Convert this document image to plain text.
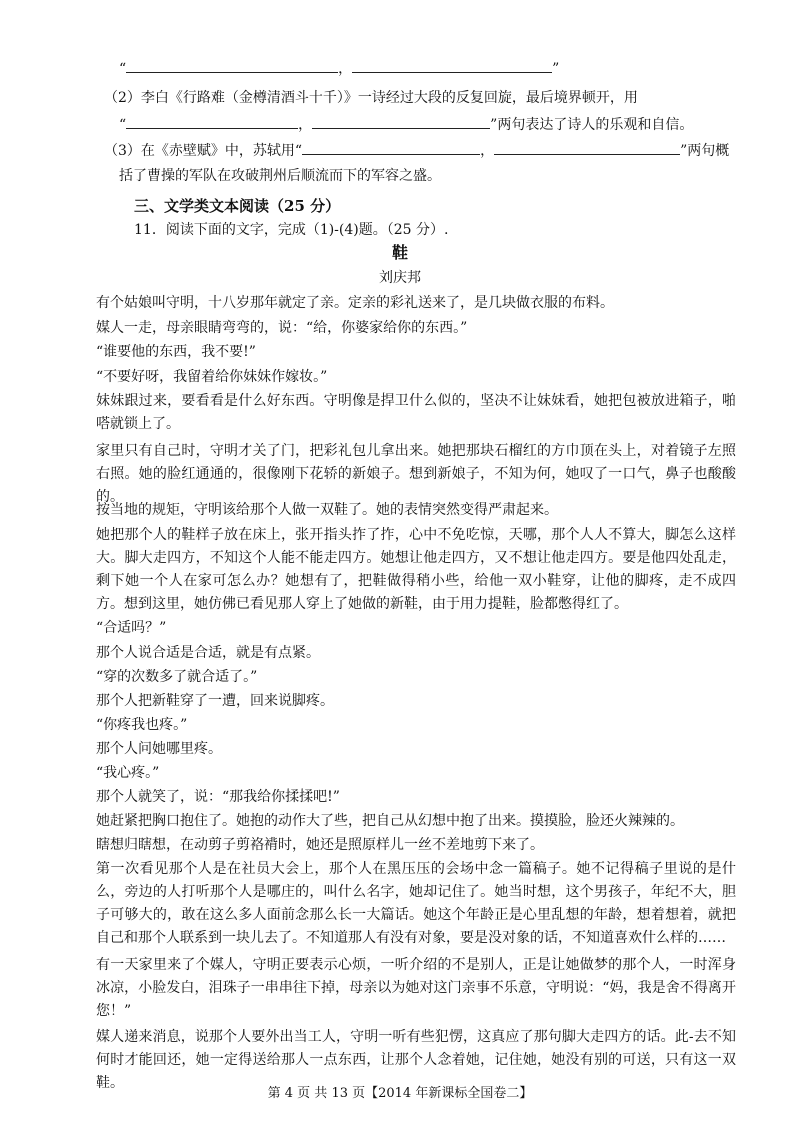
“	，	”
（2）李白《行路难（金樽清酒斗十千）》一诗经过大段的反复回旋，最后境界顿开，用
“	，	”两句表达了诗人的乐观和自信。
（3）在《赤壁赋》中，苏轼用“	，	”两句概
括了曹操的军队在攻破荆州后顺流而下的军容之盛。
三、文学类文本阅读（25 分）
11．阅读下面的文字，完成（1)-(4)题。（25 分）.
鞋
刘庆邦
有个姑娘叫守明，十八岁那年就定了亲。定亲的彩礼送来了，是几块做衣服的布料。
媒人一走，母亲眼睛弯弯的，说：“给，你婆家给你的东西。”
“谁要他的东西，我不要!”
“不要好呀，我留着给你妹妹作嫁妆。”
妹妹跟过来，要看看是什么好东西。守明像是捍卫什么似的，坚决不让妹妹看，她把包被放进箱子，啪嗒就锁上了。
家里只有自己时，守明才关了门，把彩礼包儿拿出来。她把那块石榴红的方巾顶在头上，对着镜子左照右照。她的脸红通通的，很像刚下花轿的新娘子。想到新娘子，不知为何，她叹了一口气，鼻子也酸酸的。
按当地的规矩，守明该给那个人做一双鞋了。她的表情突然变得严肃起来。
她把那个人的鞋样子放在床上，张开指头拃了拃，心中不免吃惊，天哪，那个人人不算大，脚怎么这样大。脚大走四方，不知这个人能不能走四方。她想让他走四方，又不想让他走四方。要是他四处乱走，剩下她一个人在家可怎么办？她想有了，把鞋做得稍小些，给他一双小鞋穿，让他的脚疼，走不成四方。想到这里，她仿佛已看见那人穿上了她做的新鞋，由于用力提鞋，脸都憋得红了。
“合适吗？”
那个人说合适是合适，就是有点紧。
“穿的次数多了就合适了。”
那个人把新鞋穿了一遭，回来说脚疼。
“你疼我也疼。”
那个人问她哪里疼。
“我心疼。”
那个人就笑了，说：“那我给你揉揉吧!”
她赶紧把胸口抱住了。她抱的动作大了些，把自己从幻想中抱了出来。摸摸脸，脸还火辣辣的。
瞎想归瞎想，在动剪子剪袼褙时，她还是照原样儿一丝不差地剪下来了。
第一次看见那个人是在社员大会上，那个人在黑压压的会场中念一篇稿子。她不记得稿子里说的是什么，旁边的人打听那个人是哪庄的，叫什么名字，她却记住了。她当时想，这个男孩子，年纪不大，胆子可够大的，敢在这么多人面前念那么长一大篇话。她这个年龄正是心里乱想的年龄，想着想着，就把自己和那个人联系到一块儿去了。不知道那人有没有对象，要是没对象的话，不知道喜欢什么样的……
有一天家里来了个媒人，守明正要表示心烦，一听介绍的不是别人，正是让她做梦的那个人，一时浑身冰凉，小脸发白，泪珠子一串串往下掉，母亲以为她对这门亲事不乐意，守明说：“妈，我是舍不得离开您！”
媒人递来消息，说那个人要外出当工人，守明一听有些犯愣，这真应了那句脚大走四方的话。此-去不知何时才能回还，她一定得送给那人一点东西，让那个人念着她，记住她，她没有别的可送，只有这一双鞋。
第 4 页 共 13 页【2014 年新课标全国卷二】
